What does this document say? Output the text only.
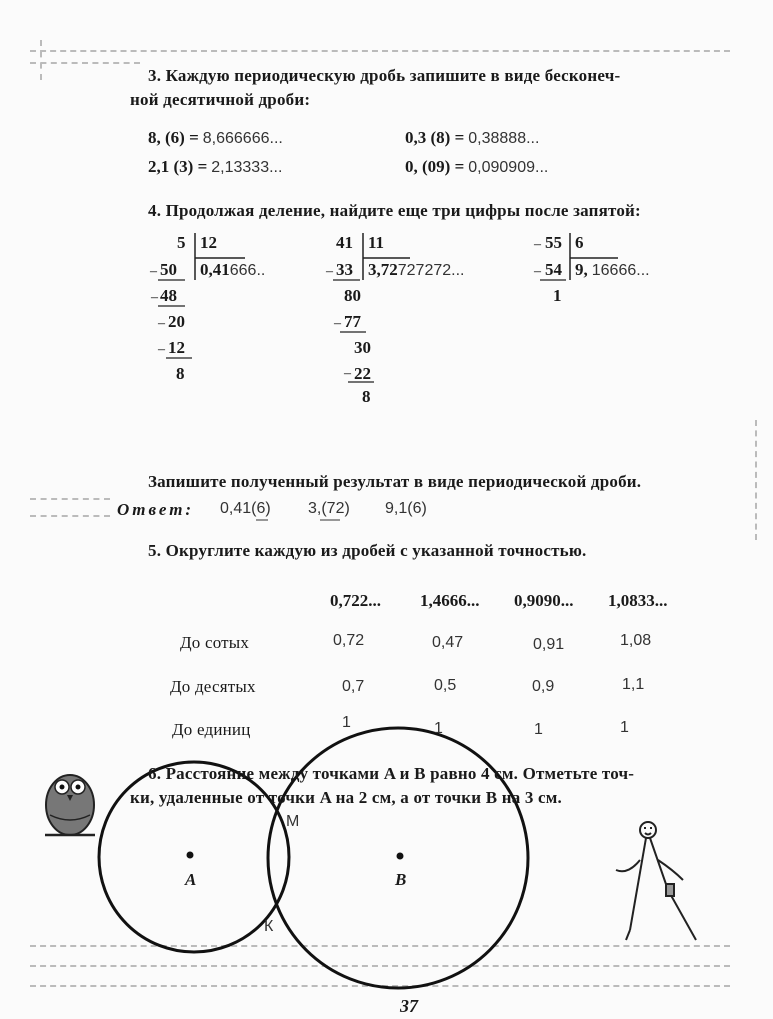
3. Каждую периодическую дробь запишите в виде бесконеч-
ной десятичной дроби:
8, (6) = 8,666666...	0,3 (8) = 0,38888...
2,1 (3) = 2,13333...	0, (09) = 0,090909...
4. Продолжая деление, найдите еще три цифры после запятой:
5 12
50 0,41666..
48
20
12
8
41 11
33 3,72727272...
80
77
30
22
8
55 6
54 9, 16666...
1
–
–
–
–
–
–
–
–
–
Запишите полученный результат в виде периодической дроби.
Ответ: 0,41(6) 3,(72) 9,1(6)
5. Округлите каждую из дробей с указанной точностью.
0,722... 1,4666... 0,9090... 1,0833...
До сотых	0,72	0,47	0,91	1,08
До десятых	0,7	0,5	0,9	1,1
До единиц	1	1	1	1
6. Расстояние между точками A и B равно 4 см. Отметьте точ-
ки, удаленные от точки A на 2 см, а от точки B на 3 см.
A	B
M
К
37
